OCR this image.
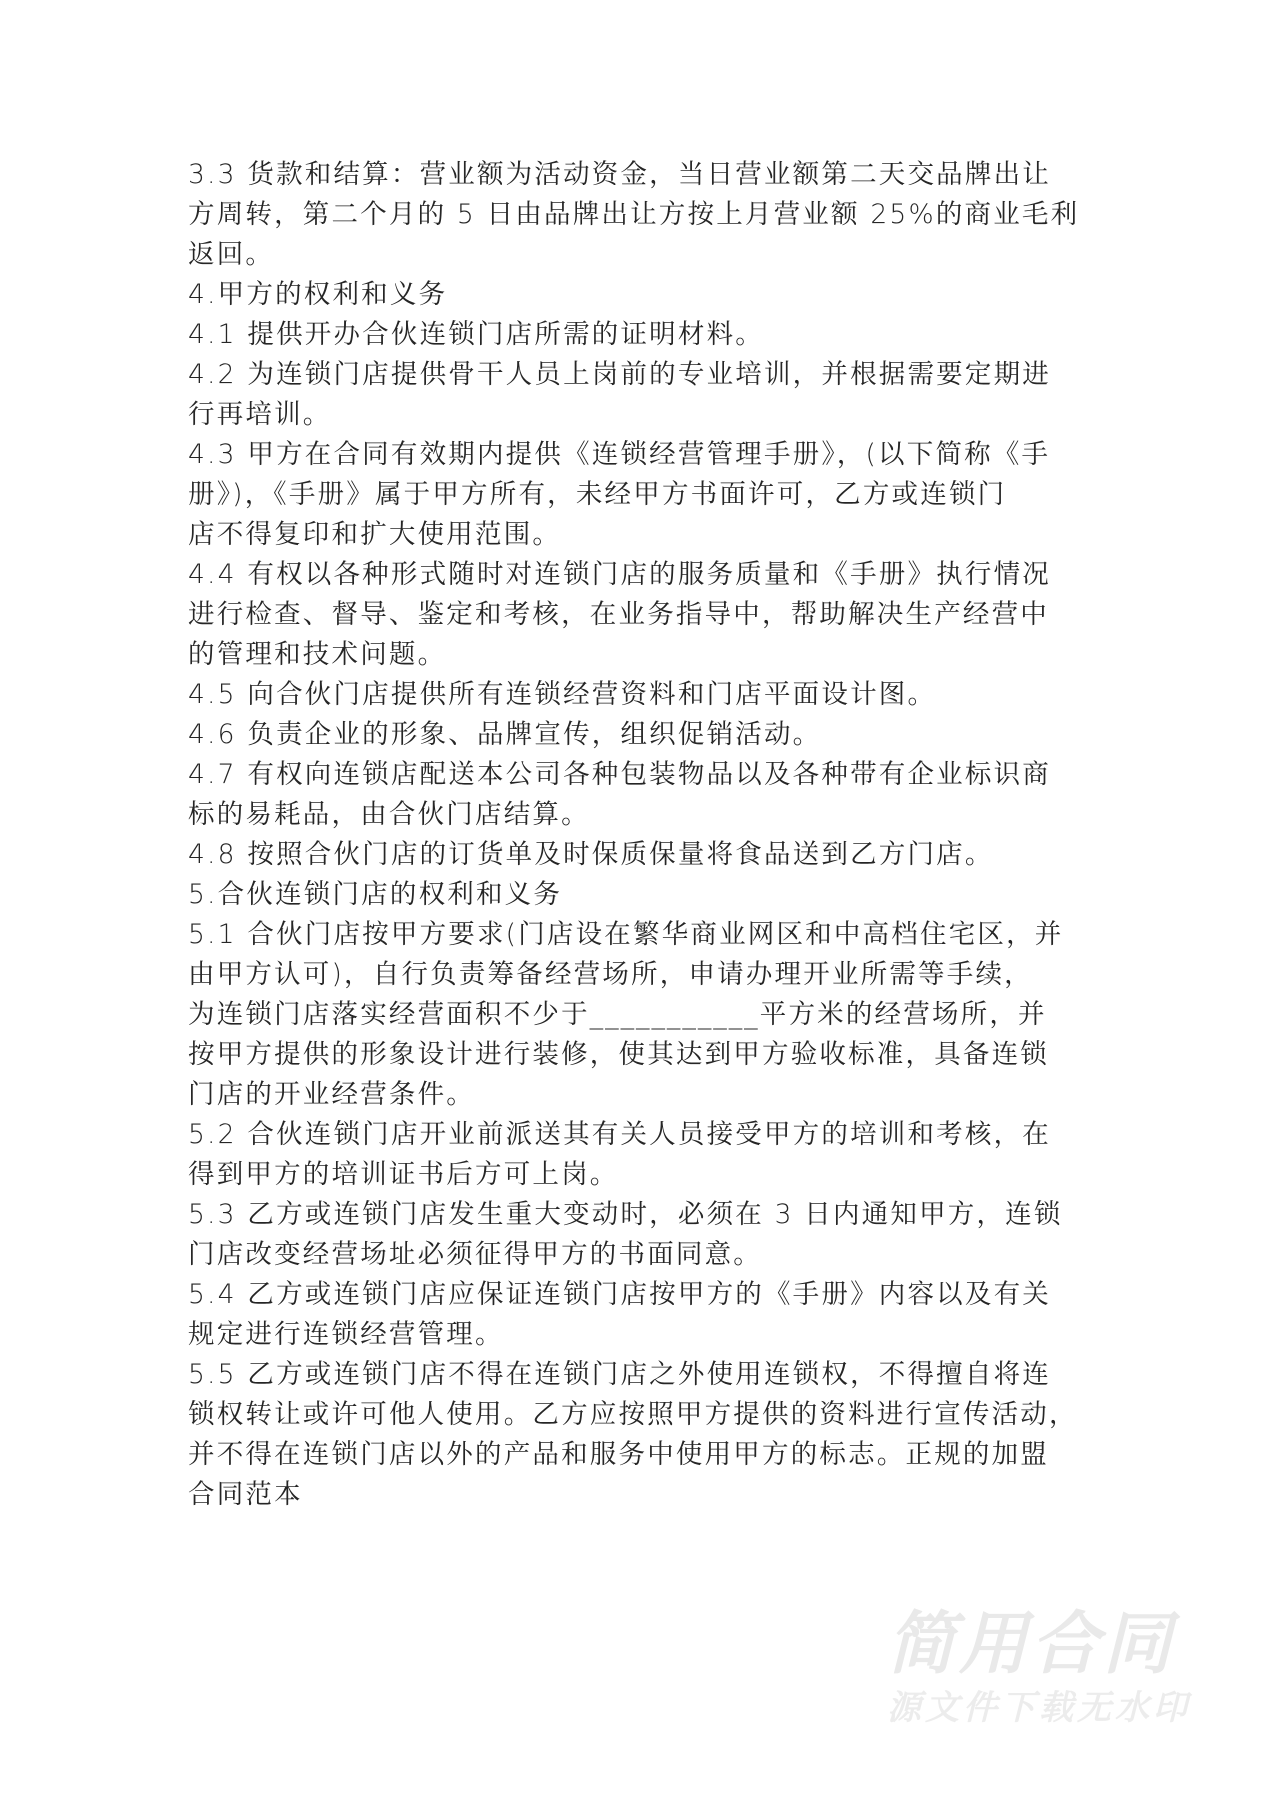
3.3 货款和结算：营业额为活动资金，当日营业额第二天交品牌出让
方周转，第二个月的 5 日由品牌出让方按上月营业额 25%的商业毛利
返回。
4.甲方的权利和义务
4.1 提供开办合伙连锁门店所需的证明材料。
4.2 为连锁门店提供骨干人员上岗前的专业培训，并根据需要定期进
行再培训。
4.3 甲方在合同有效期内提供《连锁经营管理手册》，(以下简称《手
册》)，《手册》属于甲方所有，未经甲方书面许可，乙方或连锁门
店不得复印和扩大使用范围。
4.4 有权以各种形式随时对连锁门店的服务质量和《手册》执行情况
进行检查、督导、鉴定和考核，在业务指导中，帮助解决生产经营中
的管理和技术问题。
4.5 向合伙门店提供所有连锁经营资料和门店平面设计图。
4.6 负责企业的形象、品牌宣传，组织促销活动。
4.7 有权向连锁店配送本公司各种包装物品以及各种带有企业标识商
标的易耗品，由合伙门店结算。
4.8 按照合伙门店的订货单及时保质保量将食品送到乙方门店。
5.合伙连锁门店的权利和义务
5.1 合伙门店按甲方要求(门店设在繁华商业网区和中高档住宅区，并
由甲方认可)，自行负责筹备经营场所，申请办理开业所需等手续，
为连锁门店落实经营面积不少于___________平方米的经营场所，并
按甲方提供的形象设计进行装修，使其达到甲方验收标准，具备连锁
门店的开业经营条件。
5.2 合伙连锁门店开业前派送其有关人员接受甲方的培训和考核，在
得到甲方的培训证书后方可上岗。
5.3 乙方或连锁门店发生重大变动时，必须在 3 日内通知甲方，连锁
门店改变经营场址必须征得甲方的书面同意。
5.4 乙方或连锁门店应保证连锁门店按甲方的《手册》内容以及有关
规定进行连锁经营管理。
5.5 乙方或连锁门店不得在连锁门店之外使用连锁权，不得擅自将连
锁权转让或许可他人使用。乙方应按照甲方提供的资料进行宣传活动，
并不得在连锁门店以外的产品和服务中使用甲方的标志。正规的加盟
合同范本
简用合同
源文件下载无水印
